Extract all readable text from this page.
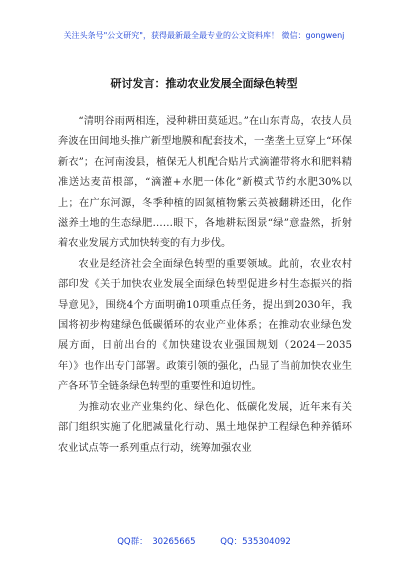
关注头条号"公文研究"，获得最新最全最专业的公文资料库！ 微信：gongwenj
研讨发言：推动农业发展全面绿色转型

“清明谷雨两相连，浸种耕田莫延迟。”在山东青岛，农技人员奔波在田间地头推广新型地膜和配套技术，一垄垄土豆穿上“环保新衣”；在河南浚县，植保无人机配合贴片式滴灌带将水和肥料精准送达麦苗根部，“滴灌+水肥一体化”新模式节约水肥30%以上；在广东河源，冬季种植的固氮植物紫云英被翻耕还田，化作滋养土地的生态绿肥……眼下，各地耕耘图景“绿”意盎然，折射着农业发展方式加快转变的有力步伐。

农业是经济社会全面绿色转型的重要领域。此前，农业农村部印发《关于加快农业发展全面绿色转型促进乡村生态振兴的指导意见》，围绕4个方面明确10项重点任务，提出到2030年，我国将初步构建绿色低碳循环的农业产业体系；在推动农业绿色发展方面，日前出台的《加快建设农业强国规划（2024－2035年）》也作出专门部署。政策引领的强化，凸显了当前加快农业生产各环节全链条绿色转型的重要性和迫切性。

为推动农业产业集约化、绿色化、低碳化发展，近年来有关部门组织实施了化肥减量化行动、黑土地保护工程绿色种养循环农业试点等一系列重点行动，统筹加强农业

QQ群： 30265665	QQ：535304092
